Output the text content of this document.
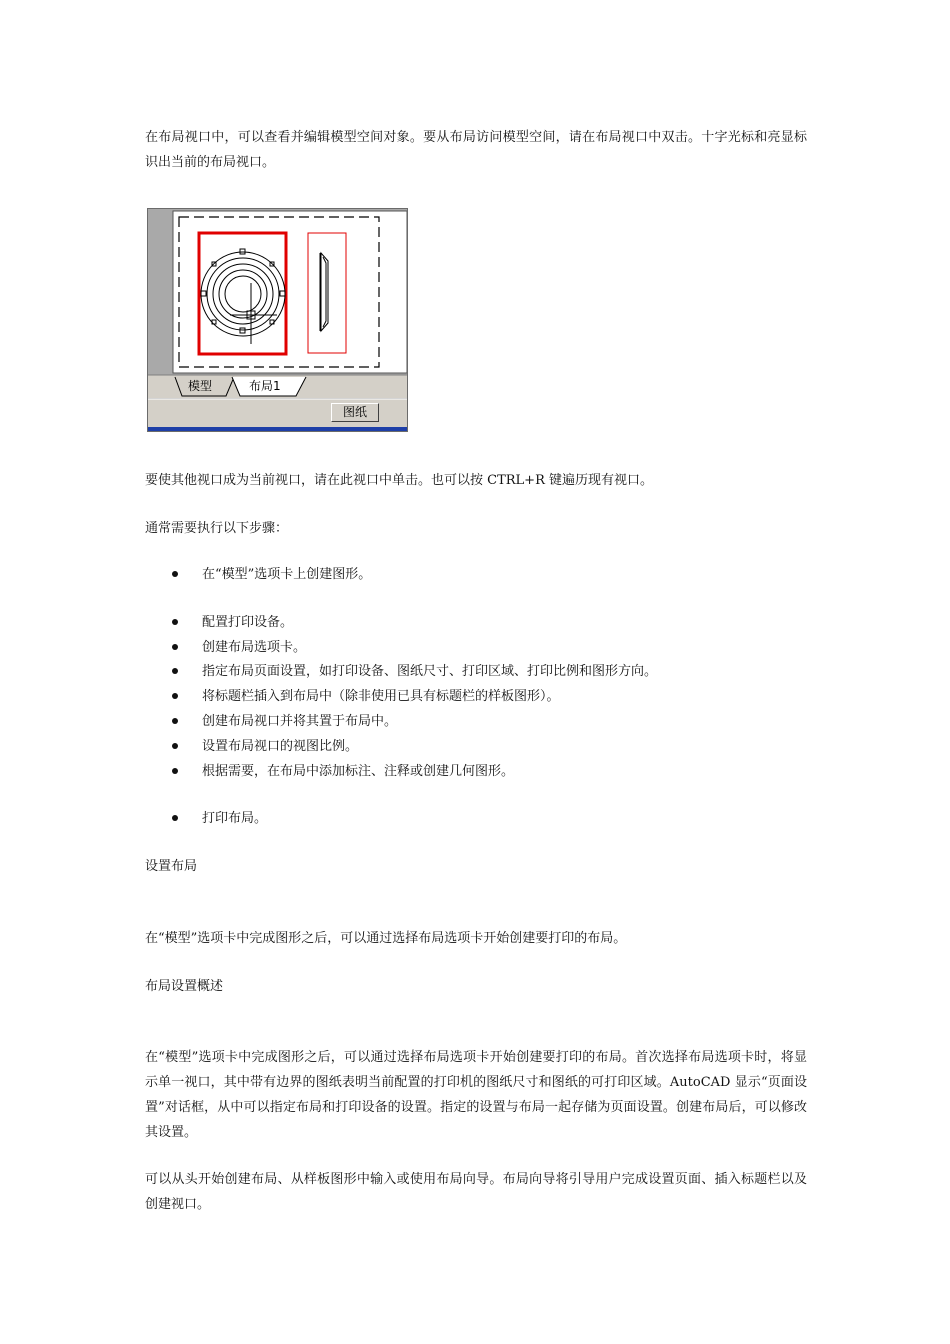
在布局视口中，可以查看并编辑模型空间对象。要从布局访问模型空间，请在布局视口中双击。十字光标和亮显标识出当前的布局视口。

模型	布局1
图纸

要使其他视口成为当前视口，请在此视口中单击。也可以按 CTRL+R 键遍历现有视口。

通常需要执行以下步骤：

在“模型”选项卡上创建图形。
配置打印设备。
创建布局选项卡。
指定布局页面设置，如打印设备、图纸尺寸、打印区域、打印比例和图形方向。
将标题栏插入到布局中（除非使用已具有标题栏的样板图形）。
创建布局视口并将其置于布局中。
设置布局视口的视图比例。
根据需要，在布局中添加标注、注释或创建几何图形。
打印布局。

设置布局

在“模型”选项卡中完成图形之后，可以通过选择布局选项卡开始创建要打印的布局。

布局设置概述

在“模型”选项卡中完成图形之后，可以通过选择布局选项卡开始创建要打印的布局。首次选择布局选项卡时，将显示单一视口，其中带有边界的图纸表明当前配置的打印机的图纸尺寸和图纸的可打印区域。AutoCAD 显示“页面设置”对话框，从中可以指定布局和打印设备的设置。指定的设置与布局一起存储为页面设置。创建布局后，可以修改其设置。

可以从头开始创建布局、从样板图形中输入或使用布局向导。布局向导将引导用户完成设置页面、插入标题栏以及创建视口。
